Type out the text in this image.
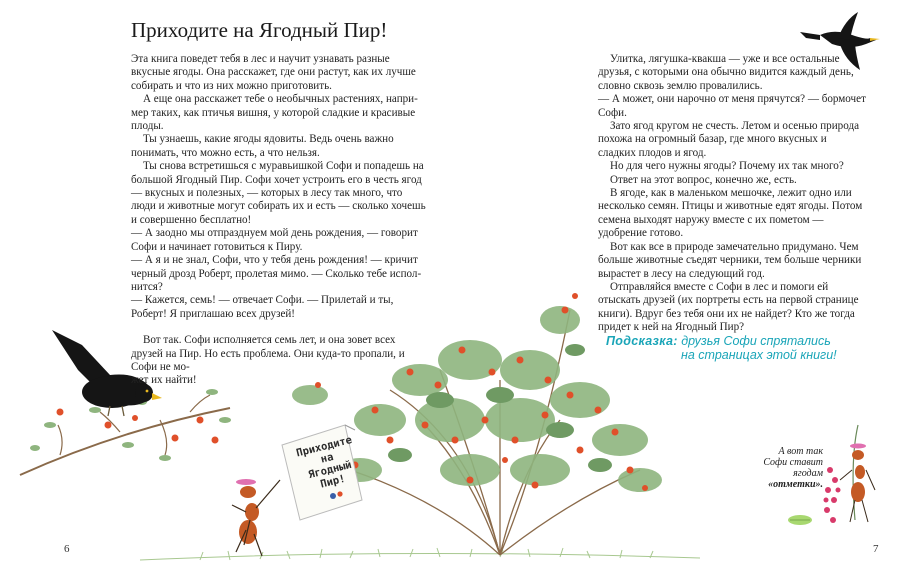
Приходите на Ягодный Пир!

Эта книга поведет тебя в лес и научит узнавать разные вкусные ягоды. Она расскажет, где они растут, как их лучше собирать и что из них можно приготовить.

А еще она расскажет тебе о необычных растениях, напри-
мер таких, как птичья вишня, у которой сладкие и красивые плоды.

Ты узнаешь, какие ягоды ядовиты. Ведь очень важно понимать, что можно есть, а что нельзя.

Ты снова встретишься с муравьишкой Софи и попадешь на большой Ягодный Пир. Софи хочет устроить его в честь ягод — вкусных и полезных, — которых в лесу так много, что люди и животные могут собирать их и есть — сколько хочешь и совершенно бесплатно!

— А заодно мы отпразднуем мой день рождения, — говорит Софи и начинает готовиться к Пиру.

— А я и не знал, Софи, что у тебя день рождения! — кричит черный дрозд Роберт, пролетая мимо. — Сколько тебе испол-
нится?

— Кажется, семь! — отвечает Софи. — Прилетай и ты, Роберт! Я приглашаю всех друзей!

Вот так. Софи исполняется семь лет, и она зовет всех друзей на Пир. Но есть проблема. Они куда-то пропали, и Софи не мо-
жет их найти!

Улитка, лягушка-квакша — уже и все остальные друзья, с которыми она обычно видится каждый день, словно сквозь землю провалились.

— А может, они нарочно от меня прячутся? — бормочет Софи.

Зато ягод кругом не счесть. Летом и осенью природа похожа на огромный базар, где много вкусных и сладких плодов и ягод.

Но для чего нужны ягоды? Почему их так много?

Ответ на этот вопрос, конечно же, есть.

В ягоде, как в маленьком мешочке, лежит одно или несколько семян. Птицы и животные едят ягоды. Потом семена выходят наружу вместе с их пометом — удобрение готово.

Вот как все в природе замечательно придумано. Чем больше животные съедят черники, тем больше черники вырастет в лесу на следующий год.

Отправляйся вместе с Софи в лес и помоги ей отыскать друзей (их портреты есть на первой странице книги). Вдруг без тебя они их не найдет? Кто же тогда придет к ней на Ягодный Пир?

Подсказка: друзья Софи спрятались
на страницах этой книги!
Приходите на Ягодный Пир!
А вот так
Софи ставит
ягодам
«отметки».
6	7
